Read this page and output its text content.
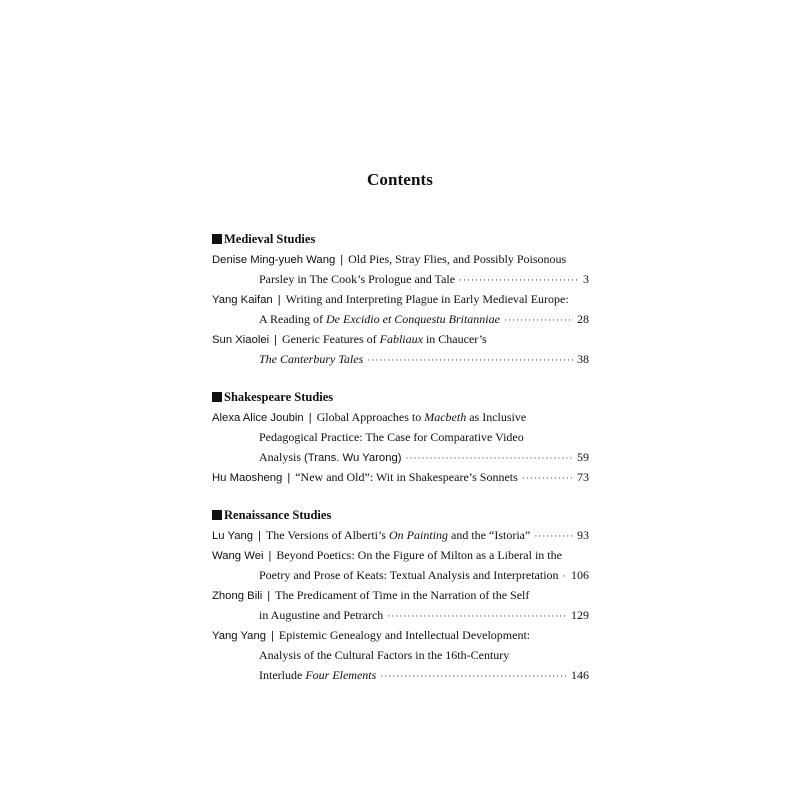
Contents
Medieval Studies
Denise Ming-yueh Wang | Old Pies, Stray Flies, and Possibly Poisonous
Parsley in The Cook’s Prologue and Tale ·····	3
Yang Kaifan | Writing and Interpreting Plague in Early Medieval Europe:
A Reading of De Excidio et Conquestu Britanniae ·····	28
Sun Xiaolei | Generic Features of Fabliaux in Chaucer’s
The Canterbury Tales ·····	38
Shakespeare Studies
Alexa Alice Joubin | Global Approaches to Macbeth as Inclusive
Pedagogical Practice: The Case for Comparative Video
Analysis (Trans. Wu Yarong) ·····	59
Hu Maosheng | “New and Old”: Wit in Shakespeare’s Sonnets ·····	73
Renaissance Studies
Lu Yang | The Versions of Alberti’s On Painting and the “Istoria” ·····	93
Wang Wei | Beyond Poetics: On the Figure of Milton as a Liberal in the
Poetry and Prose of Keats: Textual Analysis and Interpretation ····· 106
Zhong Bili | The Predicament of Time in the Narration of the Self
in Augustine and Petrarch ·····	129
Yang Yang | Epistemic Genealogy and Intellectual Development:
Analysis of the Cultural Factors in the 16th-Century
Interlude Four Elements ·····	146
